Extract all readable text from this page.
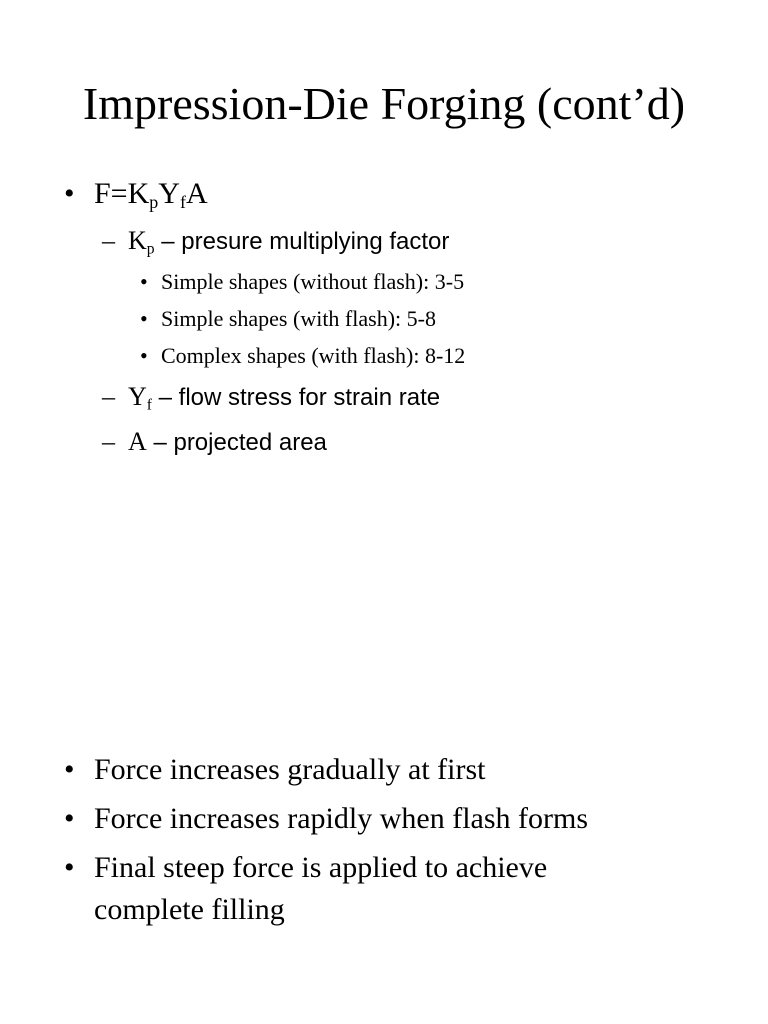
Impression-Die Forging (cont’d)
• $F=K_pY_fA$
– $K_p$ – presure multiplying factor
• Simple shapes (without flash): 3-5
• Simple shapes (with flash): 5-8
• Complex shapes (with flash): 8-12
– $Y_f$ – flow stress for strain rate
– A – projected area
• Force increases gradually at first
• Force increases rapidly when flash forms
• Final steep force is applied to achieve
complete filling
